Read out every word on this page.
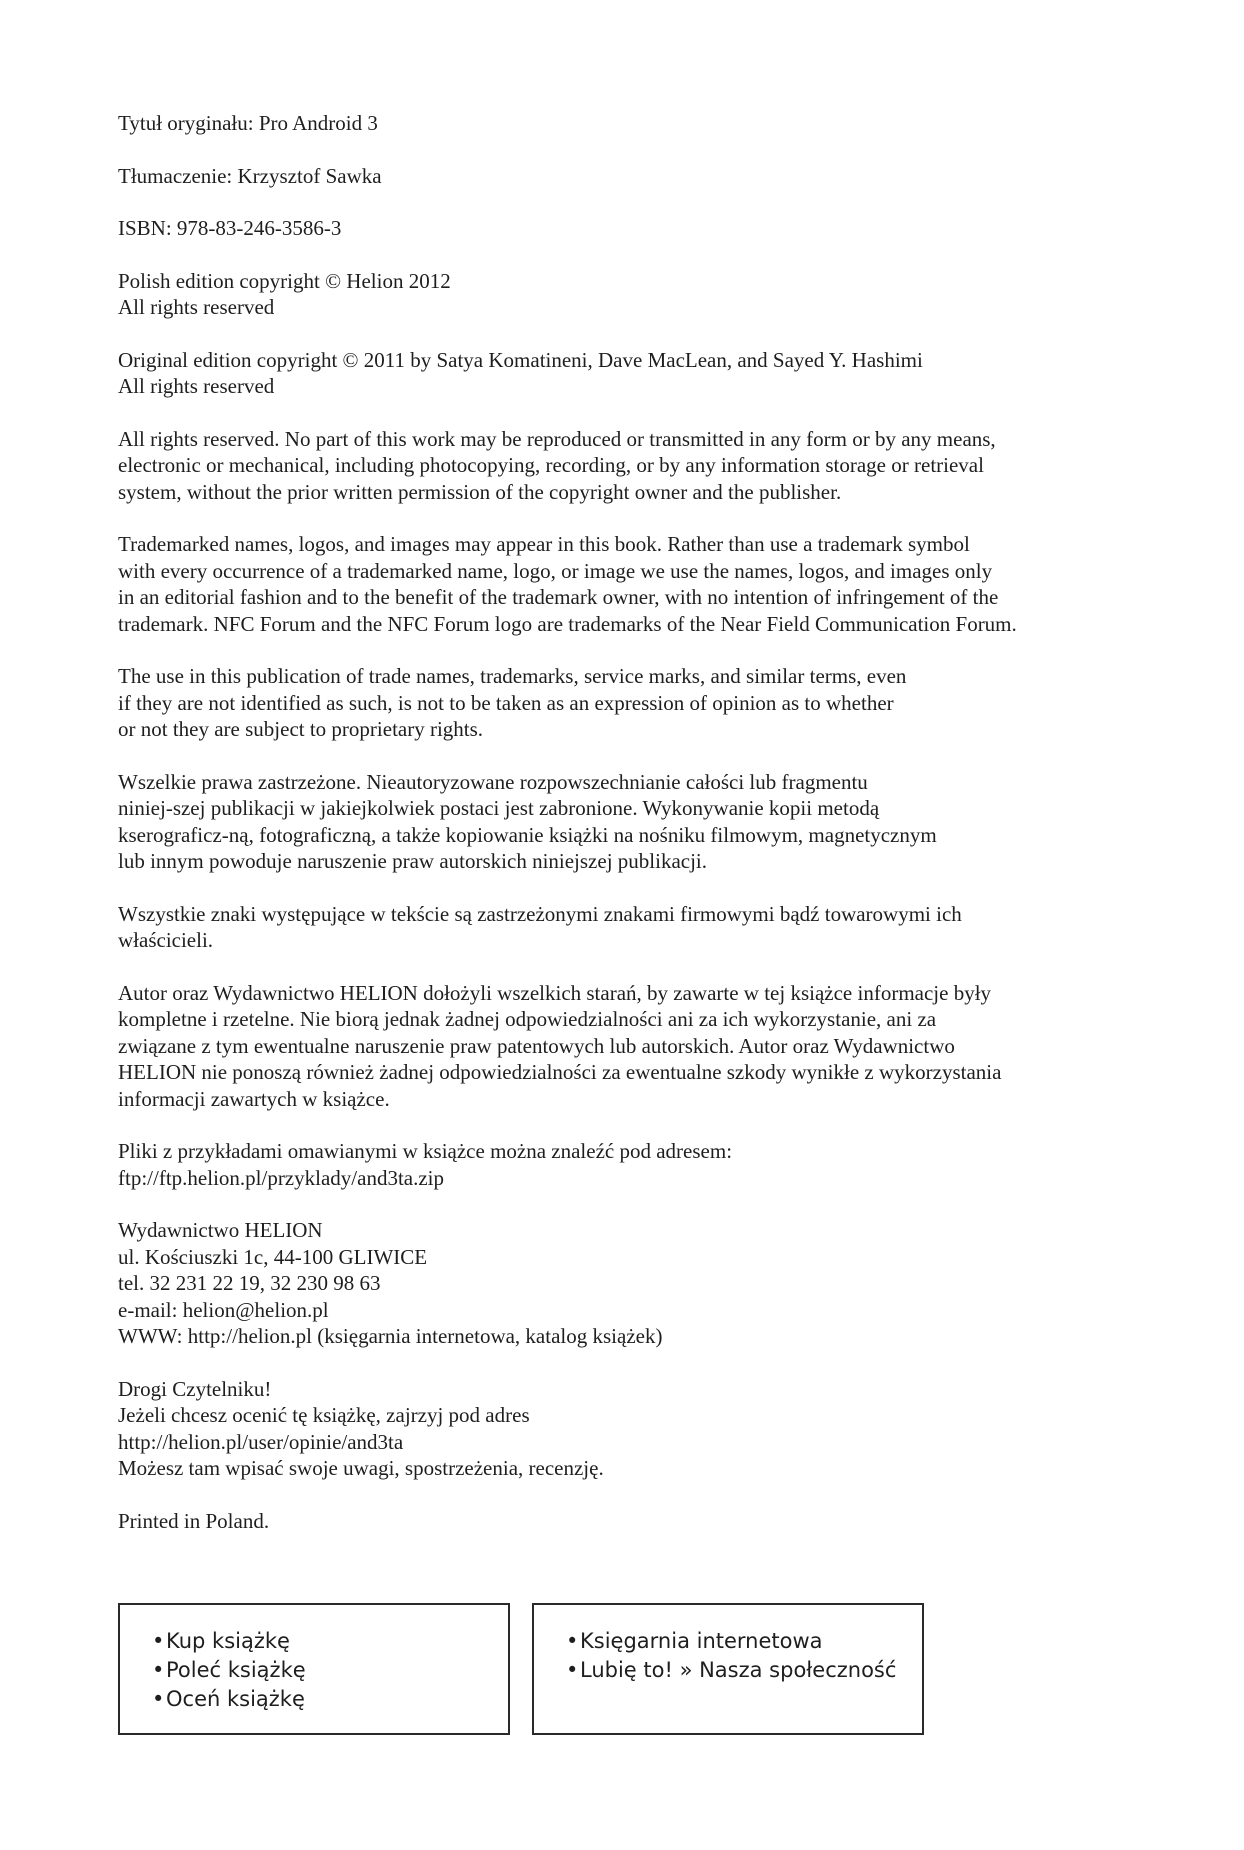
Tytuł oryginału: Pro Android 3

Tłumaczenie: Krzysztof Sawka

ISBN: 978-83-246-3586-3

Polish edition copyright © Helion 2012
All rights reserved

Original edition copyright © 2011 by Satya Komatineni, Dave MacLean, and Sayed Y. Hashimi
All rights reserved

All rights reserved. No part of this work may be reproduced or transmitted in any form or by any means,
electronic or mechanical, including photocopying, recording, or by any information storage or retrieval
system, without the prior written permission of the copyright owner and the publisher.

Trademarked names, logos, and images may appear in this book. Rather than use a trademark symbol
with every occurrence of a trademarked name, logo, or image we use the names, logos, and images only
in an editorial fashion and to the benefit of the trademark owner, with no intention of infringement of the
trademark. NFC Forum and the NFC Forum logo are trademarks of the Near Field Communication Forum.

The use in this publication of trade names, trademarks, service marks, and similar terms, even
if they are not identified as such, is not to be taken as an expression of opinion as to whether
or not they are subject to proprietary rights.

Wszelkie prawa zastrzeżone. Nieautoryzowane rozpowszechnianie całości lub fragmentu
niniej-szej publikacji w jakiejkolwiek postaci jest zabronione. Wykonywanie kopii metodą
kserograficz-ną, fotograficzną, a także kopiowanie książki na nośniku filmowym, magnetycznym
lub innym powoduje naruszenie praw autorskich niniejszej publikacji.

Wszystkie znaki występujące w tekście są zastrzeżonymi znakami firmowymi bądź towarowymi ich
właścicieli.

Autor oraz Wydawnictwo HELION dołożyli wszelkich starań, by zawarte w tej książce informacje były
kompletne i rzetelne. Nie biorą jednak żadnej odpowiedzialności ani za ich wykorzystanie, ani za
związane z tym ewentualne naruszenie praw patentowych lub autorskich. Autor oraz Wydawnictwo
HELION nie ponoszą również żadnej odpowiedzialności za ewentualne szkody wynikłe z wykorzystania
informacji zawartych w książce.

Pliki z przykładami omawianymi w książce można znaleźć pod adresem:
ftp://ftp.helion.pl/przyklady/and3ta.zip

Wydawnictwo HELION
ul. Kościuszki 1c, 44-100 GLIWICE
tel. 32 231 22 19, 32 230 98 63
e-mail: helion@helion.pl
WWW: http://helion.pl (księgarnia internetowa, katalog książek)

Drogi Czytelniku!
Jeżeli chcesz ocenić tę książkę, zajrzyj pod adres
http://helion.pl/user/opinie/and3ta
Możesz tam wpisać swoje uwagi, spostrzeżenia, recenzję.

Printed in Poland.

•Kup książkę
•Poleć książkę
•Oceń książkę
•Księgarnia internetowa
•Lubię to! » Nasza społeczność
